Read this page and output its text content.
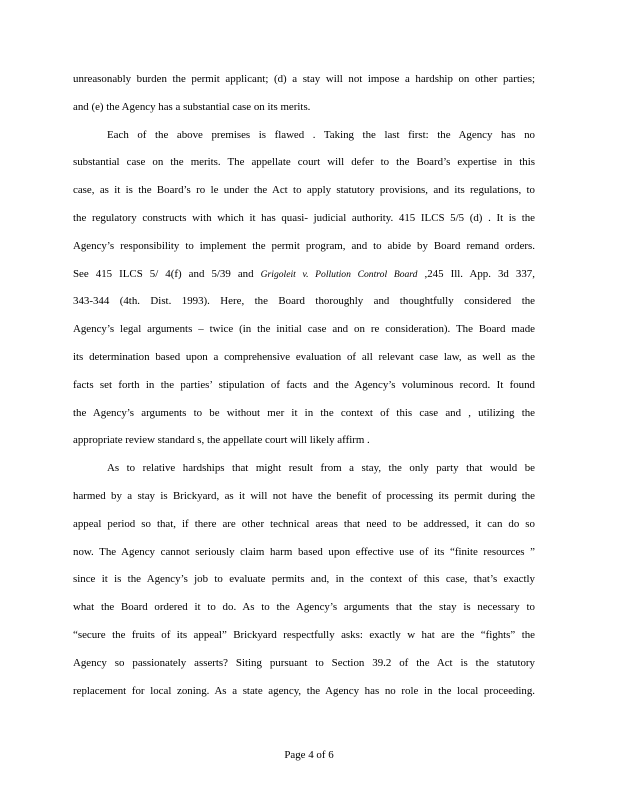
unreasonably burden the permit applicant; (d) a stay will not impose a hardship on other parties;
and (e) the Agency has a substantial case on its merits.
Each of the above premises is flawed . Taking the last first: the Agency has no
substantial case on the merits. The appellate court will defer to the Board’s expertise in this
case, as it is the Board’s ro le under the Act to apply statutory provisions, and its regulations, to
the regulatory constructs with which it has quasi- judicial authority. 415 ILCS 5/5 (d) . It is the
Agency’s responsibility to implement the permit program, and to abide by Board remand orders.
See 415 ILCS 5/ 4(f) and 5/39 and Grigoleit v. Pollution Control Board ,245 Ill. App. 3d 337,
343-344 (4th. Dist. 1993). Here, the Board thoroughly and thoughtfully considered the
Agency’s legal arguments – twice (in the initial case and on re consideration). The Board made
its determination based upon a comprehensive evaluation of all relevant case law, as well as the
facts set forth in the parties’ stipulation of facts and the Agency’s voluminous record. It found
the Agency’s arguments to be without mer it in the context of this case and , utilizing the
appropriate review standard s, the appellate court will likely affirm .
As to relative hardships that might result from a stay, the only party that would be
harmed by a stay is Brickyard, as it will not have the benefit of processing its permit during the
appeal period so that, if there are other technical areas that need to be addressed, it can do so
now. The Agency cannot seriously claim harm based upon effective use of its “finite resources ”
since it is the Agency’s job to evaluate permits and, in the context of this case, that’s exactly
what the Board ordered it to do. As to the Agency’s arguments that the stay is necessary to
“secure the fruits of its appeal” Brickyard respectfully asks: exactly w hat are the “fights” the
Agency so passionately asserts? Siting pursuant to Section 39.2 of the Act is the statutory
replacement for local zoning. As a state agency, the Agency has no role in the local proceeding.
Page 4 of 6
